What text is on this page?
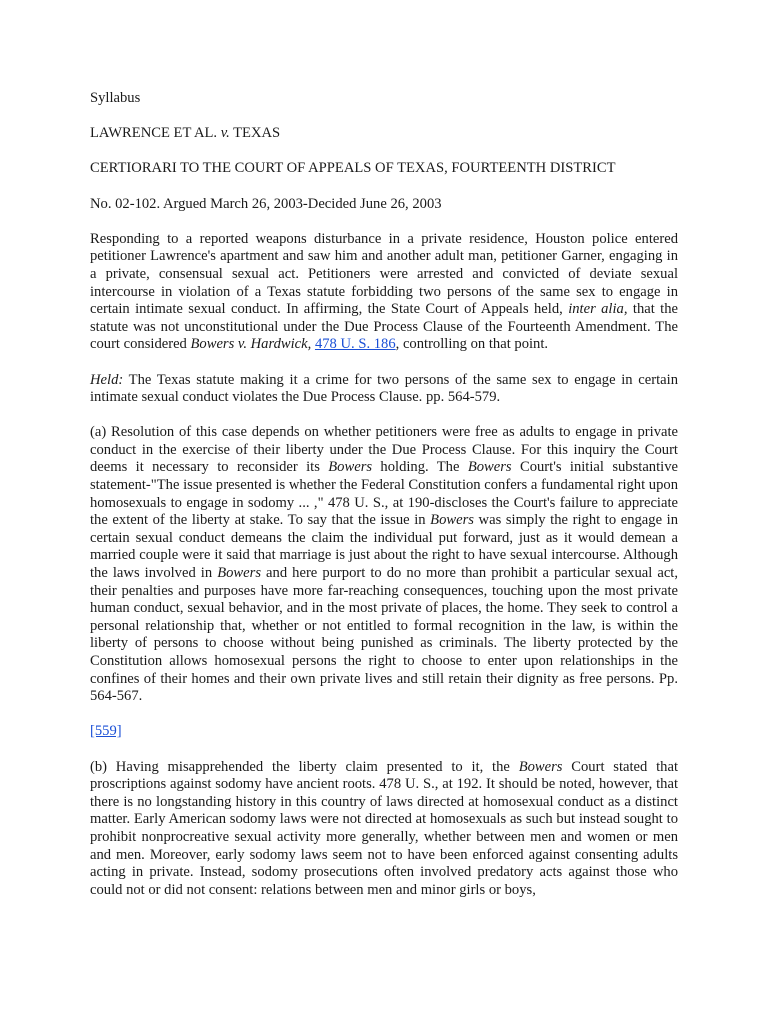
Syllabus

LAWRENCE ET AL. v. TEXAS

CERTIORARI TO THE COURT OF APPEALS OF TEXAS, FOURTEENTH DISTRICT

No. 02-102. Argued March 26, 2003-Decided June 26, 2003

Responding to a reported weapons disturbance in a private residence, Houston police entered petitioner Lawrence's apartment and saw him and another adult man, petitioner Garner, engaging in a private, consensual sexual act. Petitioners were arrested and convicted of deviate sexual intercourse in violation of a Texas statute forbidding two persons of the same sex to engage in certain intimate sexual conduct. In affirming, the State Court of Appeals held, inter alia, that the statute was not unconstitutional under the Due Process Clause of the Fourteenth Amendment. The court considered Bowers v. Hardwick, 478 U. S. 186, controlling on that point.

Held: The Texas statute making it a crime for two persons of the same sex to engage in certain intimate sexual conduct violates the Due Process Clause. pp. 564-579.

(a) Resolution of this case depends on whether petitioners were free as adults to engage in private conduct in the exercise of their liberty under the Due Process Clause. For this inquiry the Court deems it necessary to reconsider its Bowers holding. The Bowers Court's initial substantive statement-"The issue presented is whether the Federal Constitution confers a fundamental right upon homosexuals to engage in sodomy ... ," 478 U. S., at 190-discloses the Court's failure to appreciate the extent of the liberty at stake. To say that the issue in Bowers was simply the right to engage in certain sexual conduct demeans the claim the individual put forward, just as it would demean a married couple were it said that marriage is just about the right to have sexual intercourse. Although the laws involved in Bowers and here purport to do no more than prohibit a particular sexual act, their penalties and purposes have more far-reaching consequences, touching upon the most private human conduct, sexual behavior, and in the most private of places, the home. They seek to control a personal relationship that, whether or not entitled to formal recognition in the law, is within the liberty of persons to choose without being punished as criminals. The liberty protected by the Constitution allows homosexual persons the right to choose to enter upon relationships in the confines of their homes and their own private lives and still retain their dignity as free persons. Pp. 564-567.

[559]

(b) Having misapprehended the liberty claim presented to it, the Bowers Court stated that proscriptions against sodomy have ancient roots. 478 U. S., at 192. It should be noted, however, that there is no longstanding history in this country of laws directed at homosexual conduct as a distinct matter. Early American sodomy laws were not directed at homosexuals as such but instead sought to prohibit nonprocreative sexual activity more generally, whether between men and women or men and men. Moreover, early sodomy laws seem not to have been enforced against consenting adults acting in private. Instead, sodomy prosecutions often involved predatory acts against those who could not or did not consent: relations between men and minor girls or boys,
